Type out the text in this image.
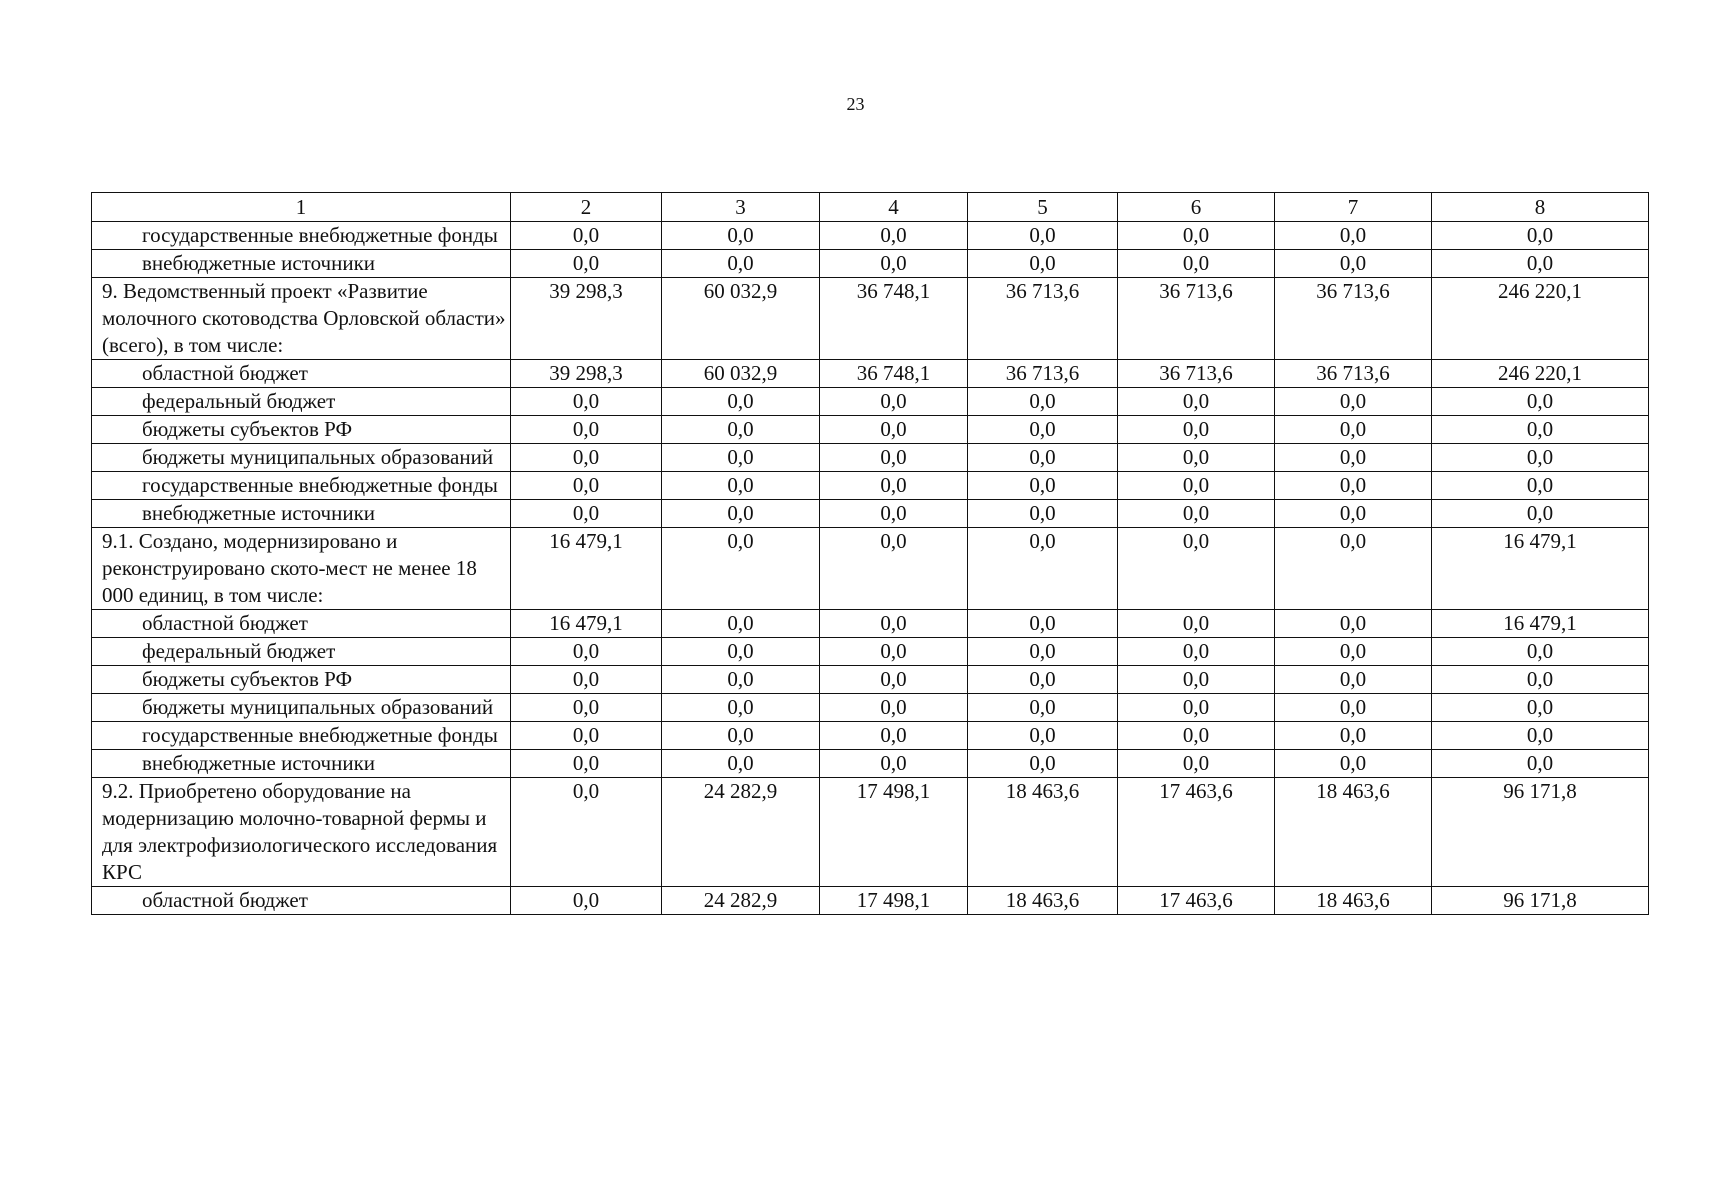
23
1	2	3	4	5	6	7	8
государственные внебюджетные фонды	0,0	0,0	0,0	0,0	0,0	0,0	0,0
внебюджетные источники	0,0	0,0	0,0	0,0	0,0	0,0	0,0
9. Ведомственный проект «Развитие молочного скотоводства Орловской области» (всего), в том числе:	39 298,3	60 032,9	36 748,1	36 713,6	36 713,6	36 713,6	246 220,1
областной бюджет	39 298,3	60 032,9	36 748,1	36 713,6	36 713,6	36 713,6	246 220,1
федеральный бюджет	0,0	0,0	0,0	0,0	0,0	0,0	0,0
бюджеты субъектов РФ	0,0	0,0	0,0	0,0	0,0	0,0	0,0
бюджеты муниципальных образований	0,0	0,0	0,0	0,0	0,0	0,0	0,0
государственные внебюджетные фонды	0,0	0,0	0,0	0,0	0,0	0,0	0,0
внебюджетные источники	0,0	0,0	0,0	0,0	0,0	0,0	0,0
9.1. Создано, модернизировано и реконструировано ското-мест не менее 18 000 единиц, в том числе:	16 479,1	0,0	0,0	0,0	0,0	0,0	16 479,1
областной бюджет	16 479,1	0,0	0,0	0,0	0,0	0,0	16 479,1
федеральный бюджет	0,0	0,0	0,0	0,0	0,0	0,0	0,0
бюджеты субъектов РФ	0,0	0,0	0,0	0,0	0,0	0,0	0,0
бюджеты муниципальных образований	0,0	0,0	0,0	0,0	0,0	0,0	0,0
государственные внебюджетные фонды	0,0	0,0	0,0	0,0	0,0	0,0	0,0
внебюджетные источники	0,0	0,0	0,0	0,0	0,0	0,0	0,0
9.2. Приобретено оборудование на модернизацию молочно-товарной фермы и для электрофизиологического исследования КРС	0,0	24 282,9	17 498,1	18 463,6	17 463,6	18 463,6	96 171,8
областной бюджет	0,0	24 282,9	17 498,1	18 463,6	17 463,6	18 463,6	96 171,8
